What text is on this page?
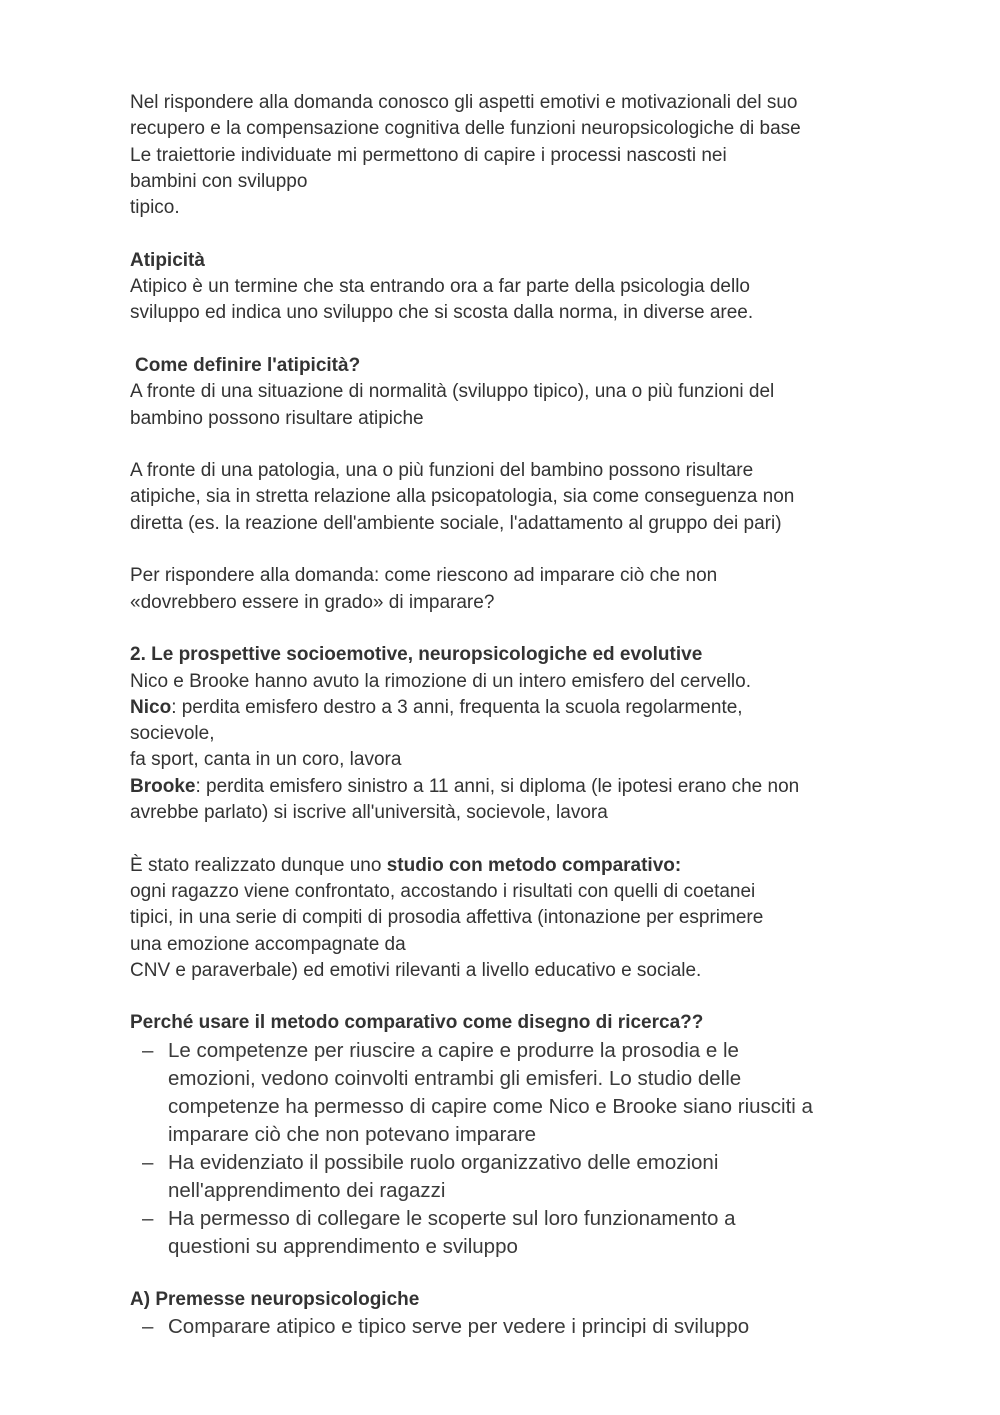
Nel rispondere alla domanda conosco gli aspetti emotivi e motivazionali del suo
recupero e la compensazione cognitiva delle funzioni neuropsicologiche di base
Le traiettorie individuate mi permettono di capire i processi nascosti nei
bambini con sviluppo
tipico.
Atipicità
Atipico è un termine che sta entrando ora a far parte della psicologia dello
sviluppo ed indica uno sviluppo che si scosta dalla norma, in diverse aree.
Come definire l'atipicità?
A fronte di una situazione di normalità (sviluppo tipico), una o più funzioni del
bambino possono risultare atipiche
A fronte di una patologia, una o più funzioni del bambino possono risultare
atipiche, sia in stretta relazione alla psicopatologia, sia come conseguenza non
diretta (es. la reazione dell'ambiente sociale, l'adattamento al gruppo dei pari)
Per rispondere alla domanda: come riescono ad imparare ciò che non
«dovrebbero essere in grado» di imparare?
2. Le prospettive socioemotive, neuropsicologiche ed evolutive
Nico e Brooke hanno avuto la rimozione di un intero emisfero del cervello.
Nico: perdita emisfero destro a 3 anni, frequenta la scuola regolarmente,
socievole,
fa sport, canta in un coro, lavora
Brooke: perdita emisfero sinistro a 11 anni, si diploma (le ipotesi erano che non
avrebbe parlato) si iscrive all'università, socievole, lavora
È stato realizzato dunque uno studio con metodo comparativo:
ogni ragazzo viene confrontato, accostando i risultati con quelli di coetanei
tipici, in una serie di compiti di prosodia affettiva (intonazione per esprimere
una emozione accompagnate da
CNV e paraverbale) ed emotivi rilevanti a livello educativo e sociale.
Perché usare il metodo comparativo come disegno di ricerca??
– Le competenze per riuscire a capire e produrre la prosodia e le
emozioni, vedono coinvolti entrambi gli emisferi. Lo studio delle
competenze ha permesso di capire come Nico e Brooke siano riusciti a
imparare ciò che non potevano imparare
– Ha evidenziato il possibile ruolo organizzativo delle emozioni
nell'apprendimento dei ragazzi
– Ha permesso di collegare le scoperte sul loro funzionamento a
questioni su apprendimento e sviluppo
A) Premesse neuropsicologiche
– Comparare atipico e tipico serve per vedere i principi di sviluppo
